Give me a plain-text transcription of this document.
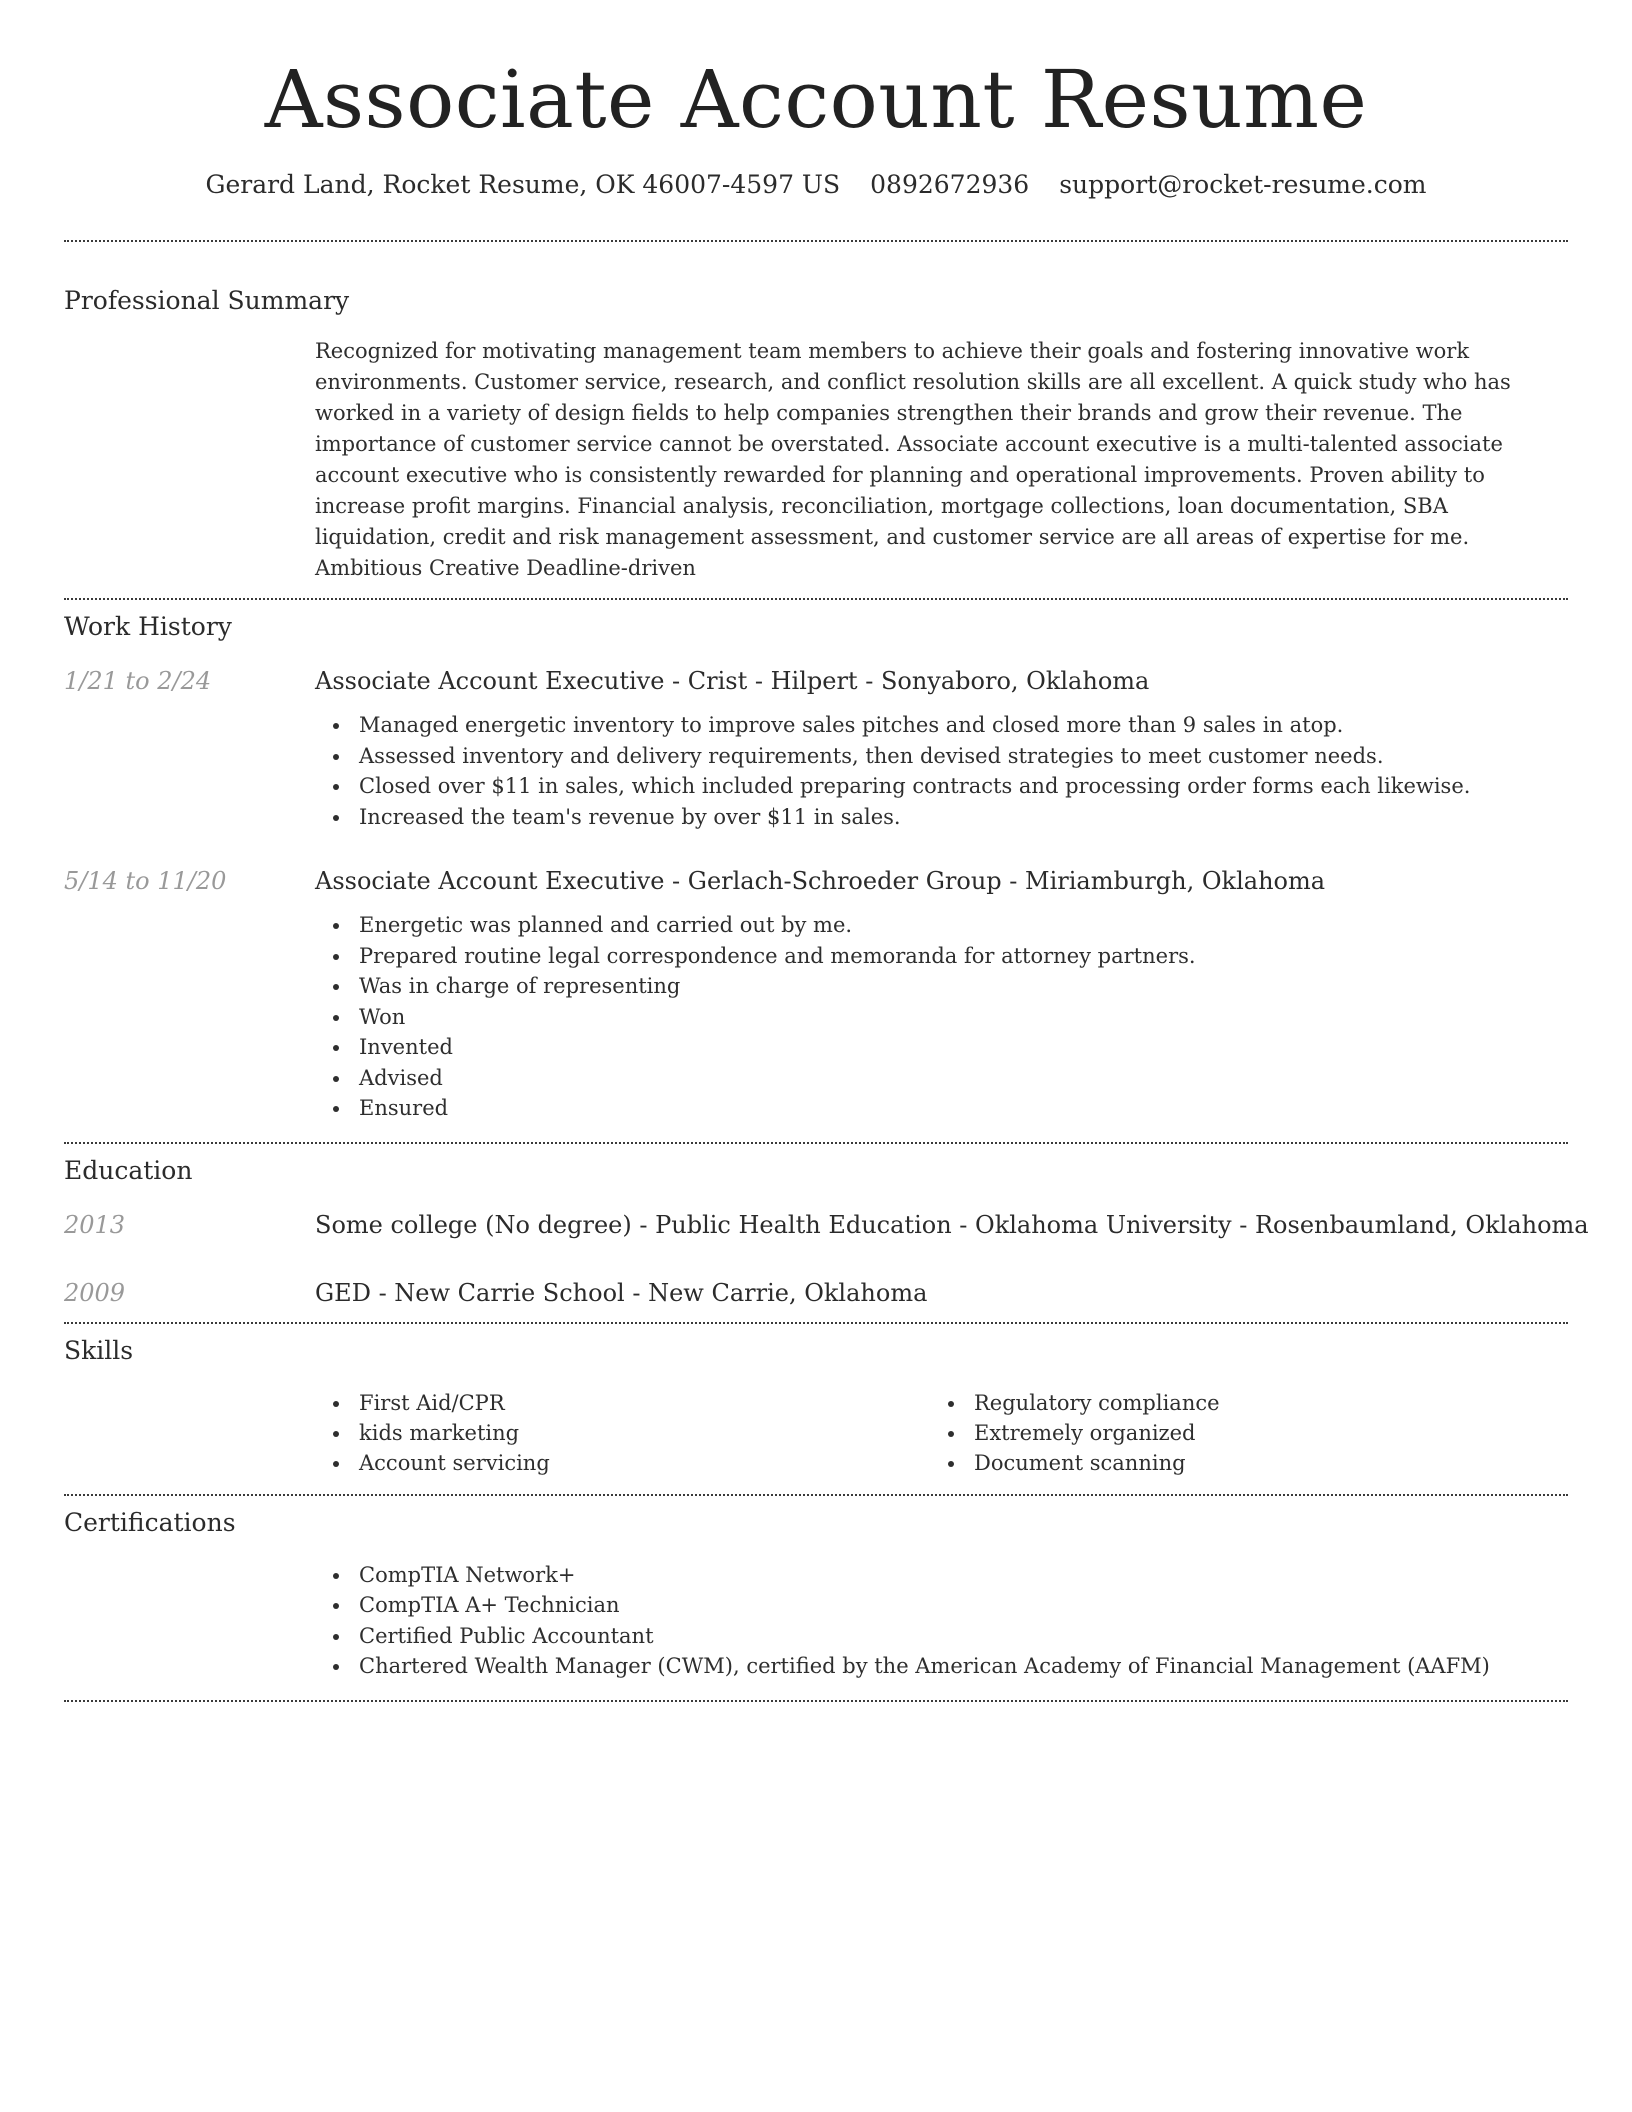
Associate Account Resume
Gerard Land, Rocket Resume, OK 46007-4597 US 0892672936 support@rocket-resume.com
Professional Summary
Recognized for motivating management team members to achieve their goals and fostering innovative work environments. Customer service, research, and conflict resolution skills are all excellent. A quick study who has worked in a variety of design fields to help companies strengthen their brands and grow their revenue. The importance of customer service cannot be overstated. Associate account executive is a multi-talented associate account executive who is consistently rewarded for planning and operational improvements. Proven ability to increase profit margins. Financial analysis, reconciliation, mortgage collections, loan documentation, SBA liquidation, credit and risk management assessment, and customer service are all areas of expertise for me. Ambitious Creative Deadline-driven
Work History
1/21 to 2/24	Associate Account Executive - Crist - Hilpert - Sonyaboro, Oklahoma
Managed energetic inventory to improve sales pitches and closed more than 9 sales in atop.
Assessed inventory and delivery requirements, then devised strategies to meet customer needs.
Closed over $11 in sales, which included preparing contracts and processing order forms each likewise.
Increased the team's revenue by over $11 in sales.
5/14 to 11/20	Associate Account Executive - Gerlach-Schroeder Group - Miriamburgh, Oklahoma
Energetic was planned and carried out by me.
Prepared routine legal correspondence and memoranda for attorney partners.
Was in charge of representing
Won
Invented
Advised
Ensured
Education
2013	Some college (No degree) - Public Health Education - Oklahoma University - Rosenbaumland, Oklahoma
2009	GED - New Carrie School - New Carrie, Oklahoma
Skills
First Aid/CPR
kids marketing
Account servicing
Regulatory compliance
Extremely organized
Document scanning
Certifications
CompTIA Network+
CompTIA A+ Technician
Certified Public Accountant
Chartered Wealth Manager (CWM), certified by the American Academy of Financial Management (AAFM)
